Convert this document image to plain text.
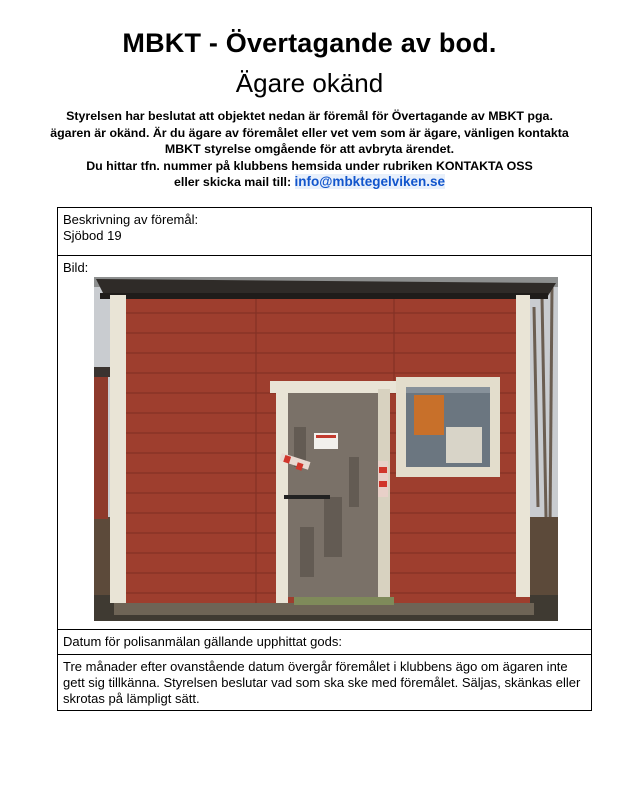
MBKT - Övertagande av bod.
Ägare okänd
Styrelsen har beslutat att objektet nedan är föremål för Övertagande av MBKT pga.
ägaren är okänd. Är du ägare av föremålet eller vet vem som är ägare, vänligen kontakta
MBKT styrelse omgående för att avbryta ärendet.
Du hittar tfn. nummer på klubbens hemsida under rubriken KONTAKTA OSS
eller skicka mail till: info@mbktegelviken.se
Beskrivning av föremål:
Sjöbod 19
Bild:
Datum för polisanmälan gällande upphittat gods:
Tre månader efter ovanstående datum övergår föremålet i klubbens ägo om ägaren inte gett sig tillkänna. Styrelsen beslutar vad som ska ske med föremålet. Säljas, skänkas eller skrotas på lämpligt sätt.
